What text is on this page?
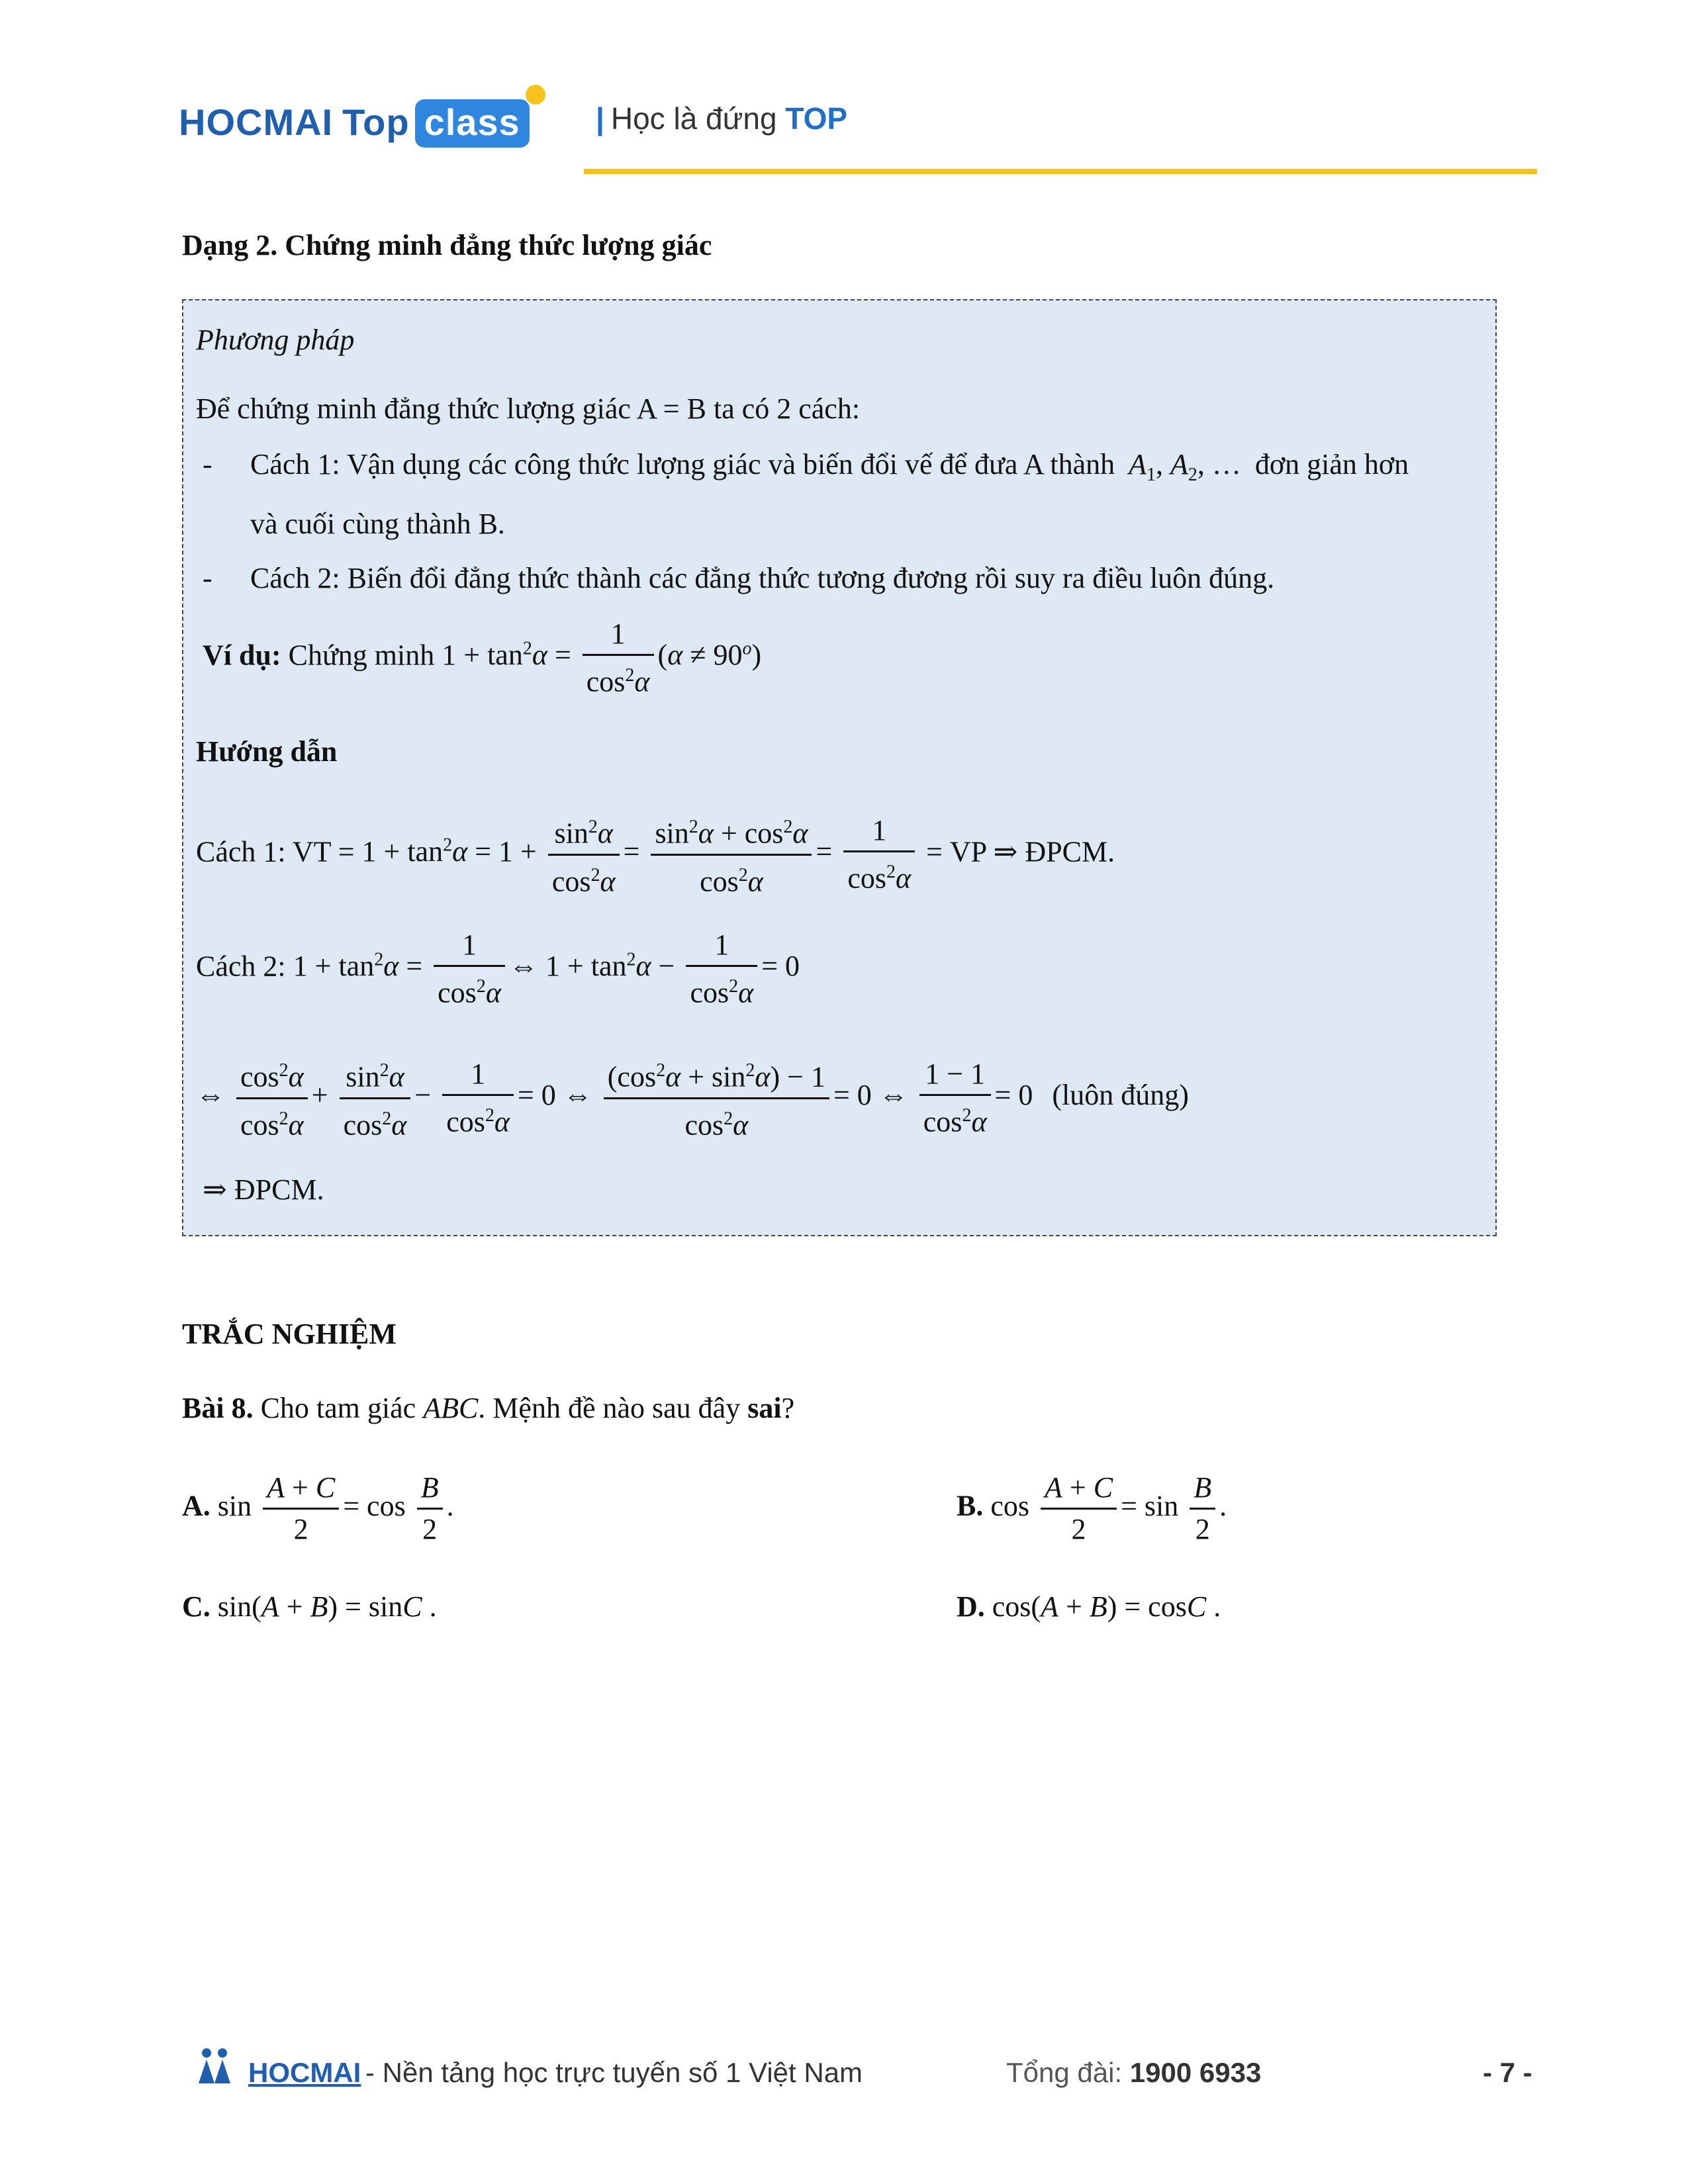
HOCMAI Top class	| Học là đứng TOP
Dạng 2. Chứng minh đẳng thức lượng giác
Phương pháp
Để chứng minh đẳng thức lượng giác A = B ta có 2 cách:
- Cách 1: Vận dụng các công thức lượng giác và biến đổi vế để đưa A thành $A_1$, $A_2$, … đơn giản hơn
và cuối cùng thành B.
- Cách 2: Biến đổi đẳng thức thành các đẳng thức tương đương rồi suy ra điều luôn đúng.
Ví dụ: Chứng minh $1 + \tan^2\alpha = \frac{1}{\cos^2\alpha} (\alpha \ne 90^o)$
Hướng dẫn
Cách 1: VT = $1 + \tan^2\alpha = 1 + \frac{\sin^2\alpha}{\cos^2\alpha} = \frac{\sin^2\alpha + \cos^2\alpha}{\cos^2\alpha} = \frac{1}{\cos^2\alpha}$ = VP ⇒ ĐPCM.
Cách 2: $1 + \tan^2\alpha = \frac{1}{\cos^2\alpha}$ ⇔ $1 + \tan^2\alpha - \frac{1}{\cos^2\alpha} = 0$
⇔ $\frac{\cos^2\alpha}{\cos^2\alpha} + \frac{\sin^2\alpha}{\cos^2\alpha} - \frac{1}{\cos^2\alpha} = 0$ ⇔ $\frac{(\cos^2\alpha + \sin^2\alpha) - 1}{\cos^2\alpha} = 0$ ⇔ $\frac{1 - 1}{\cos^2\alpha} = 0$ (luôn đúng)
⇒ ĐPCM.
TRẮC NGHIỆM
Bài 8. Cho tam giác ABC. Mệnh đề nào sau đây sai?
A. $\sin \frac{A + C}{2} = \cos \frac{B}{2}$ .	B. $\cos \frac{A + C}{2} = \sin \frac{B}{2}$ .
C. sin(A + B) = sinC .	D. cos(A + B) = cosC .
HOCMAI - Nền tảng học trực tuyến số 1 Việt Nam	Tổng đài: 1900 6933	- 7 -
